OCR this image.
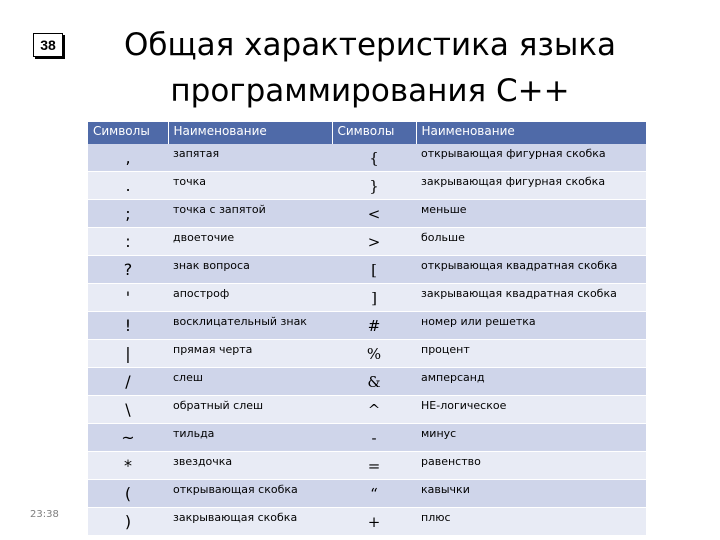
38	Общая характеристика языка
программирования C++
Символы	Наименование	Символы	Наименование
,	запятая	{	открывающая фигурная скобка
.	точка	}	закрывающая фигурная скобка
;	точка с запятой	<	меньше
:	двоеточие	>	больше
?	знак вопроса	[	открывающая квадратная скобка
'	апостроф	]	закрывающая квадратная скобка
!	восклицательный знак	#	номер или решетка
|	прямая черта	%	процент
/	слеш	&	амперсанд
\	обратный слеш	^	НЕ-логическое
~	тильда	-	минус
*	звездочка	=	равенство
(	открывающая скобка	“	кавычки
)	закрывающая скобка	+	плюс
23:38
